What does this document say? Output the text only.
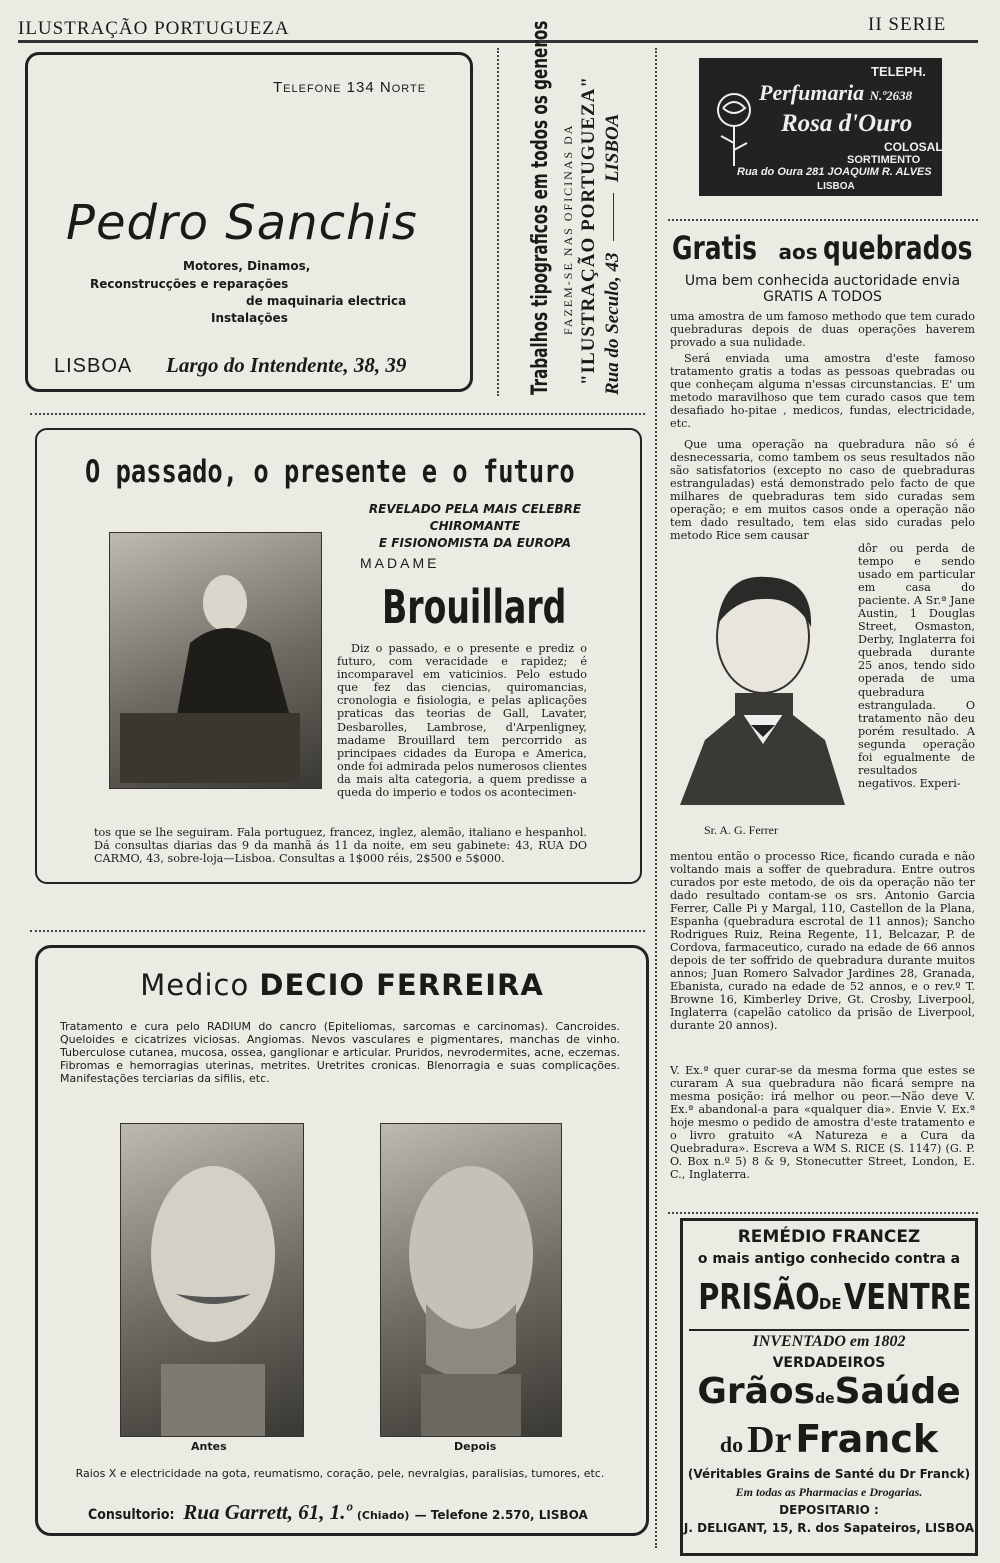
ILUSTRAÇÃO PORTUGUEZA	II SERIE
Telefone 134 Norte
Pedro Sanchis
Motores, Dinamos,
Reconstrucções e reparações
de maquinaria electrica
Instalações
LISBOA Largo do Intendente, 38, 39	Trabalhos tipograficos em todos os generos FAZEM-SE NAS OFICINAS DA "ILUSTRAÇÃO PORTUGUEZA" Rua do Seculo, 43  LISBOA
TELEPH.
Perfumaria N.º2638
Rosa d'Ouro
COLOSAL
SORTIMENTO
Rua do Oura 281 JOAQUIM R. ALVES
LISBOA
Gratis aos quebrados
Uma bem conhecida auctoridade envia
GRATIS A TODOS

uma amostra de um famoso methodo que tem curado quebraduras depois de duas operações haverem provado a sua nulidade.

Será enviada uma amostra d'este famoso tratamento gratis a todas as pessoas quebradas ou que conheçam alguma n'essas circunstancias. E' um metodo maravilhoso que tem curado casos que tem desafiado ho-pitae , medicos, fundas, electricidade, etc.

Que uma operação na quebradura não só é desnecessaria, como tambem os seus resultados não são satisfatorios (excepto no caso de quebraduras estranguladas) está demonstrado pelo facto de que milhares de quebraduras tem sido curadas sem operação; e em muitos casos onde a operação não tem dado resultado, tem elas sido curadas pelo metodo Rice sem causar

Sr. A. G. Ferrer

dôr ou perda de tempo e sendo usado em particular em casa do paciente. A Sr.ª Jane Austin, 1 Douglas Street, Osmaston, Derby, Inglaterra foi quebrada durante 25 anos, tendo sido operada de uma quebradura estrangulada. O tratamento não deu porém resultado. A segunda operação foi egualmente de resultados negativos. Experi-

mentou então o processo Rice, ficando curada e não voltando mais a soffer de quebradura. Entre outros curados por este metodo, de ois da operação não ter dado resultado contam-se os srs. Antonio Garcia Ferrer, Calle Pi y Margal, 110, Castellon de la Plana, Espanha (quebradura escrotal de 11 annos); Sancho Rodrigues Ruiz, Reina Regente, 11, Belcazar, P. de Cordova, farmaceutico, curado na edade de 66 annos depois de ter soffrido de quebradura durante muitos annos; Juan Romero Salvador Jardines 28, Granada, Ebanista, curado na edade de 52 annos, e o rev.º T. Browne 16, Kimberley Drive, Gt. Crosby, Liverpool, Inglaterra (capelão catolico da prisão de Liverpool, durante 20 annos).

V. Ex.ª quer curar-se da mesma forma que estes se curaram A sua quebradura não ficará sempre na mesma posição: irá melhor ou peor.—Não deve V. Ex.ª abandonal-a para «qualquer dia». Envie V. Ex.ª hoje mesmo o pedido de amostra d'este tratamento e o livro gratuito «A Natureza e a Cura da Quebradura». Escreva a WM S. RICE (S. 1147) (G. P. O. Box n.º 5) 8 & 9, Stonecutter Street, London, E. C., Inglaterra.

REMÉDIO FRANCEZ
o mais antigo conhecido contra a
PRISÃODEVENTRE
INVENTADO em 1802
VERDADEIROS
GrãosdeSaúde
do Dr Franck
(Véritables Grains de Santé du Dr Franck)
Em todas as Pharmacias e Drogarias.
DEPOSITARIO :
J. DELIGANT, 15, R. dos Sapateiros, LISBOA
O passado, o presente e o futuro
REVELADO PELA MAIS CELEBRE
CHIROMANTE
E FISIONOMISTA DA EUROPA
MADAME
Brouillard

Diz o passado, e o presente e prediz o futuro, com veracidade e rapidez; é incomparavel em vaticinios. Pelo estudo que fez das ciencias, quiromancias, cronologia e fisiologia, e pelas aplicações praticas das teorias de Gall, Lavater, Desbarolles, Lambrose, d'Arpenligney, madame Brouillard tem percorrido as principaes cidades da Europa e America, onde foi admirada pelos numerosos clientes da mais alta categoria, a quem predisse a queda do imperio e todos os acontecimen-

tos que se lhe seguiram. Fala portuguez, francez, inglez, alemão, italiano e hespanhol. Dá consultas diarias das 9 da manhã ás 11 da noite, em seu gabinete: 43, RUA DO CARMO, 43, sobre-loja—Lisboa. Consultas a 1$000 réis, 2$500 e 5$000.

Medico DECIO FERREIRA

Tratamento e cura pelo RADIUM do cancro (Epiteliomas, sarcomas e carcinomas). Cancroides. Queloides e cicatrizes viciosas. Angiomas. Nevos vasculares e pigmentares, manchas de vinho. Tuberculose cutanea, mucosa, ossea, ganglionar e articular. Pruridos, nevrodermites, acne, eczemas. Fibromas e hemorragias uterinas, metrites. Uretrites cronicas. Blenorragia e suas complicações. Manifestações terciarias da sifilis, etc.

Antes	Depois

Raios X e electricidade na gota, reumatismo, coração, pele, nevralgias, paralisias, tumores, etc.

Consultorio: Rua Garrett, 61, 1.º (Chiado) — Telefone 2.570, LISBOA
